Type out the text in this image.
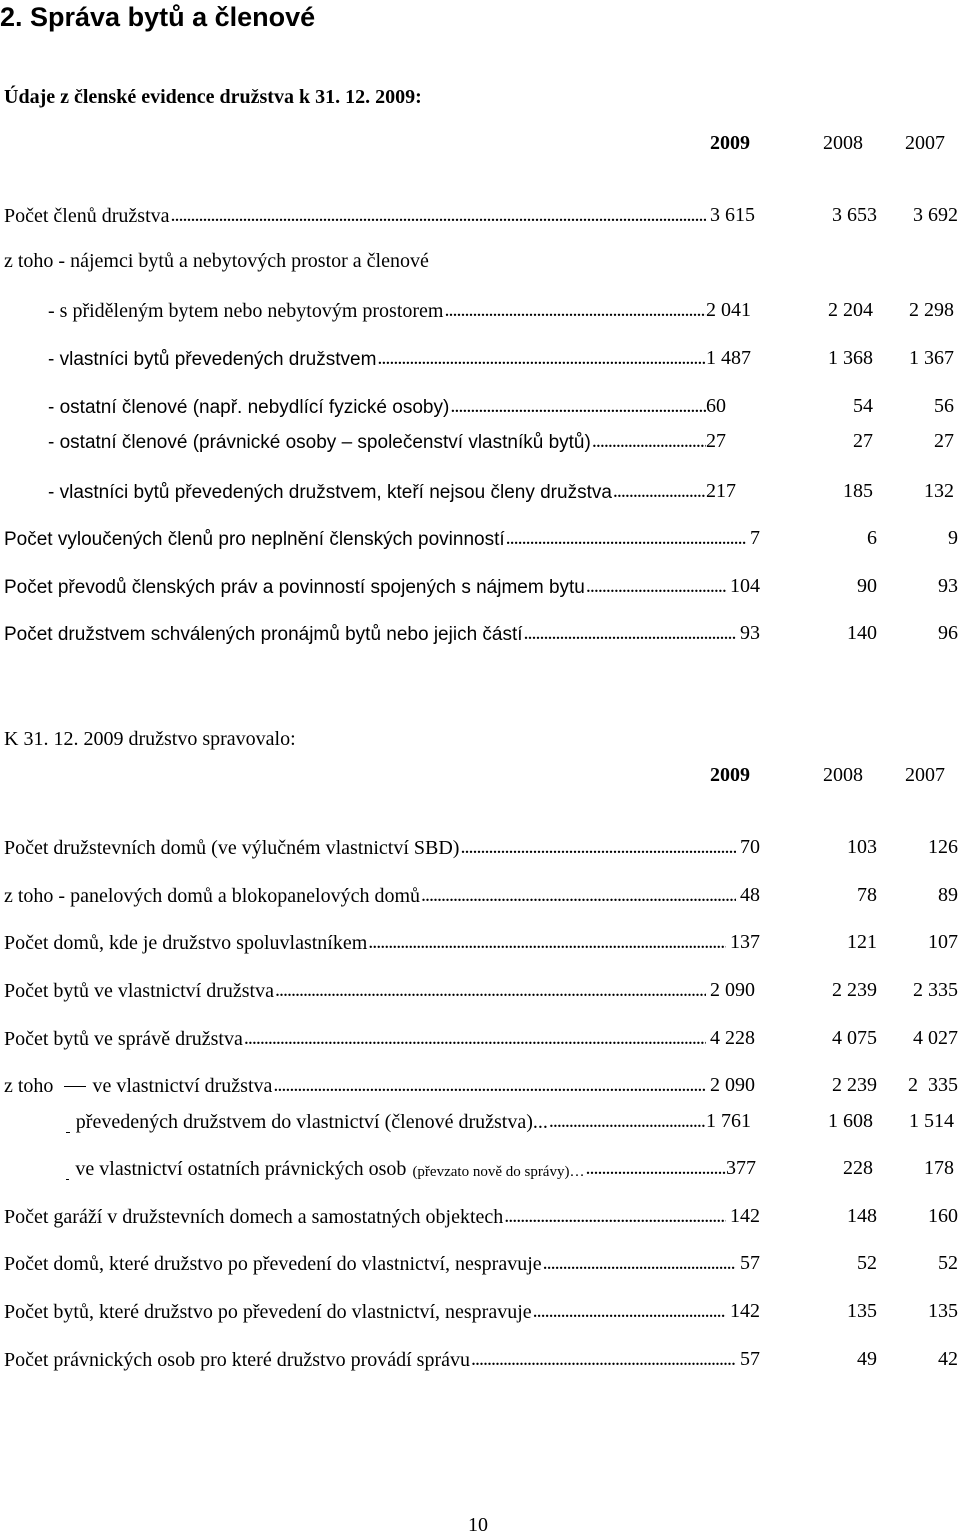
2. Správa bytů a členové
Údaje z členské evidence družstva k 31. 12. 2009:
2009	2008 2007
Počet členů družstva . . .	3 615	3 653	3 692
z toho - nájemci bytů a nebytových prostor a členové
- s přiděleným bytem nebo nebytovým prostorem . . .	2 041	2 204	2 298
- vlastníci bytů převedených družstvem . . .	1 487	1 368	1 367
- ostatní členové (např. nebydlící fyzické osoby) . . .	60	54	56
- ostatní členové (právnické osoby – společenství vlastníků bytů) . . .	27	27	27
- vlastníci bytů převedených družstvem, kteří nejsou členy družstva . . .	217	185	132
Počet vyloučených členů pro neplnění členských povinností . . .	7	6	9
Počet převodů členských práv a povinností spojených s nájmem bytu . . .	104	90	93
Počet družstvem schválených pronájmů bytů nebo jejich částí . . .	93	140	96
K 31. 12. 2009 družstvo spravovalo:
2009	2008 2007
Počet družstevních domů (ve výlučném vlastnictví SBD) . . .	70	103	126
z toho - panelových domů a blokopanelových domů . . .	48	78	89
Počet domů, kde je družstvo spoluvlastníkem . . .	137	121	107
Počet bytů ve vlastnictví družstva . . .	2 090	2 239	2 335
Počet bytů ve správě družstva . . .	4 228	4 075	4 027
z toho ve vlastnictví družstva . . .	2 090	2 239	2  335
převedených družstvem do vlastnictví (členové družstva)... . . .	1 761	1 608	1 514
ve vlastnictví ostatních právnických osob (převzato nově do správy)… . . .	377	228	178
Počet garáží v družstevních domech a samostatných objektech . . .	142	148	160
Počet domů, které družstvo po převedení do vlastnictví, nespravuje . . .	57	52	52
Počet bytů, které družstvo po převedení do vlastnictví, nespravuje . . .	142	135	135
Počet právnických osob pro které družstvo provádí správu . . .	57	49	42
10
